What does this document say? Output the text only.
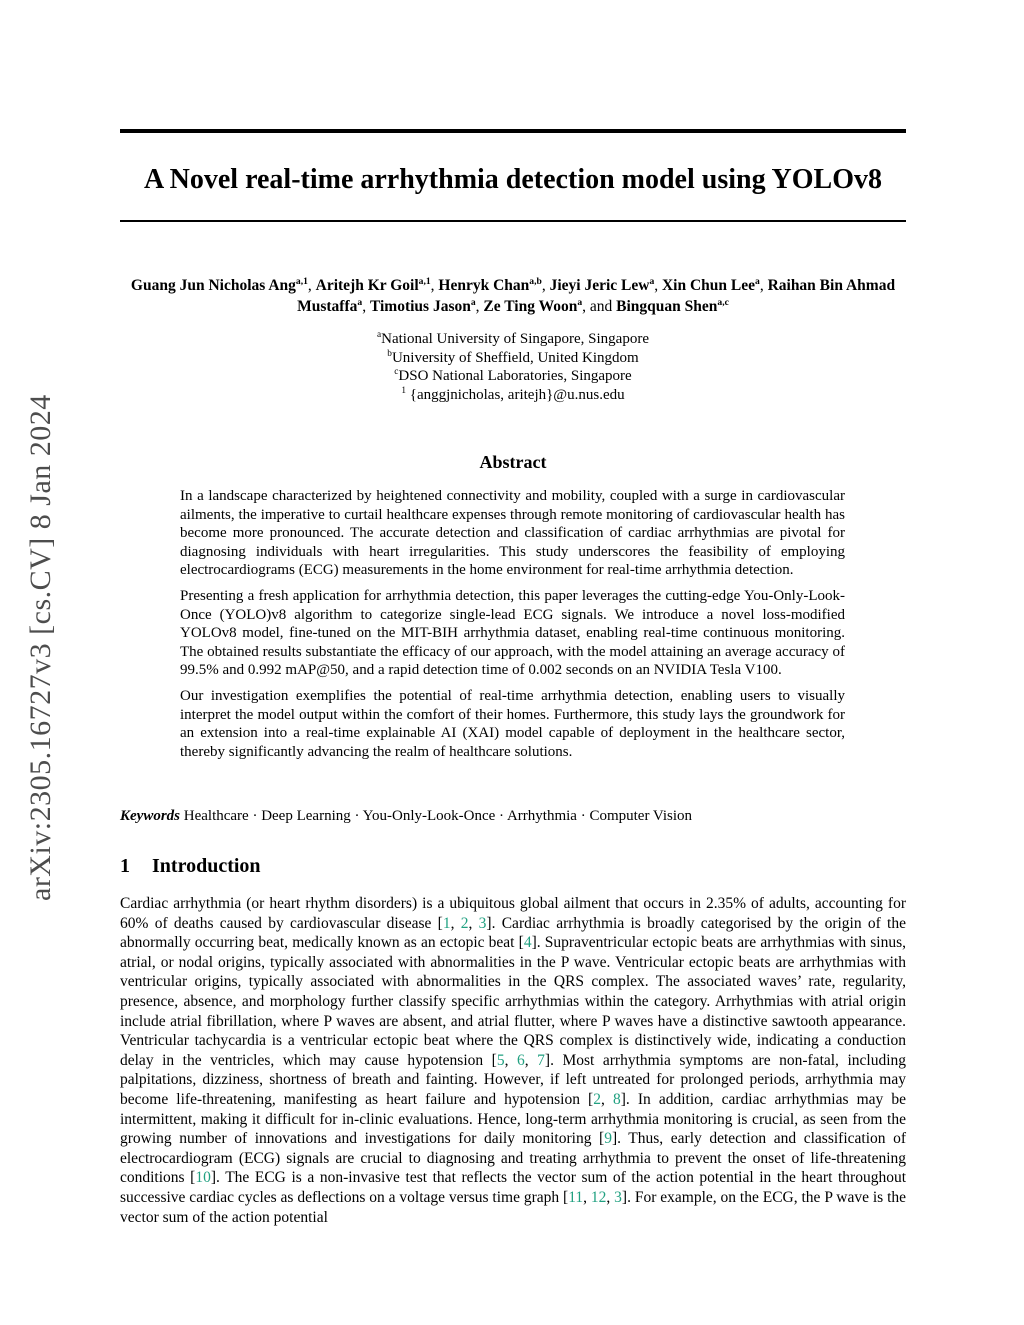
arXiv:2305.16727v3 [cs.CV] 8 Jan 2024
A Novel real-time arrhythmia detection model using YOLOv8
Guang Jun Nicholas Ang$^{a,1}$, Aritejh Kr Goil$^{a,1}$, Henryk Chan$^{a,b}$, Jieyi Jeric Lew$^a$, Xin Chun Lee$^a$, Raihan Bin Ahmad Mustaffa$^a$, Timotius Jason$^a$, Ze Ting Woon$^a$, and Bingquan Shen$^{a,c}$
$^a$National University of Singapore, Singapore
$^b$University of Sheffield, United Kingdom
$^c$DSO National Laboratories, Singapore
$^1$ {anggjnicholas, aritejh}@u.nus.edu
Abstract

In a landscape characterized by heightened connectivity and mobility, coupled with a surge in cardiovascular ailments, the imperative to curtail healthcare expenses through remote monitoring of cardiovascular health has become more pronounced. The accurate detection and classification of cardiac arrhythmias are pivotal for diagnosing individuals with heart irregularities. This study underscores the feasibility of employing electrocardiograms (ECG) measurements in the home environment for real-time arrhythmia detection.

Presenting a fresh application for arrhythmia detection, this paper leverages the cutting-edge You-Only-Look-Once (YOLO)v8 algorithm to categorize single-lead ECG signals. We introduce a novel loss-modified YOLOv8 model, fine-tuned on the MIT-BIH arrhythmia dataset, enabling real-time continuous monitoring. The obtained results substantiate the efficacy of our approach, with the model attaining an average accuracy of 99.5% and 0.992 mAP@50, and a rapid detection time of 0.002 seconds on an NVIDIA Tesla V100.

Our investigation exemplifies the potential of real-time arrhythmia detection, enabling users to visually interpret the model output within the comfort of their homes. Furthermore, this study lays the groundwork for an extension into a real-time explainable AI (XAI) model capable of deployment in the healthcare sector, thereby significantly advancing the realm of healthcare solutions.

Keywords Healthcare · Deep Learning · You-Only-Look-Once · Arrhythmia · Computer Vision
1 Introduction
Cardiac arrhythmia (or heart rhythm disorders) is a ubiquitous global ailment that occurs in 2.35% of adults, accounting for 60% of deaths caused by cardiovascular disease [1, 2, 3]. Cardiac arrhythmia is broadly categorised by the origin of the abnormally occurring beat, medically known as an ectopic beat [4]. Supraventricular ectopic beats are arrhythmias with sinus, atrial, or nodal origins, typically associated with abnormalities in the P wave. Ventricular ectopic beats are arrhythmias with ventricular origins, typically associated with abnormalities in the QRS complex. The associated waves’ rate, regularity, presence, absence, and morphology further classify specific arrhythmias within the category. Arrhythmias with atrial origin include atrial fibrillation, where P waves are absent, and atrial flutter, where P waves have a distinctive sawtooth appearance. Ventricular tachycardia is a ventricular ectopic beat where the QRS complex is distinctively wide, indicating a conduction delay in the ventricles, which may cause hypotension [5, 6, 7]. Most arrhythmia symptoms are non-fatal, including palpitations, dizziness, shortness of breath and fainting. However, if left untreated for prolonged periods, arrhythmia may become life-threatening, manifesting as heart failure and hypotension [2, 8]. In addition, cardiac arrhythmias may be intermittent, making it difficult for in-clinic evaluations. Hence, long-term arrhythmia monitoring is crucial, as seen from the growing number of innovations and investigations for daily monitoring [9]. Thus, early detection and classification of electrocardiogram (ECG) signals are crucial to diagnosing and treating arrhythmia to prevent the onset of life-threatening conditions [10]. The ECG is a non-invasive test that reflects the vector sum of the action potential in the heart throughout successive cardiac cycles as deflections on a voltage versus time graph [11, 12, 3]. For example, on the ECG, the P wave is the vector sum of the action potential
